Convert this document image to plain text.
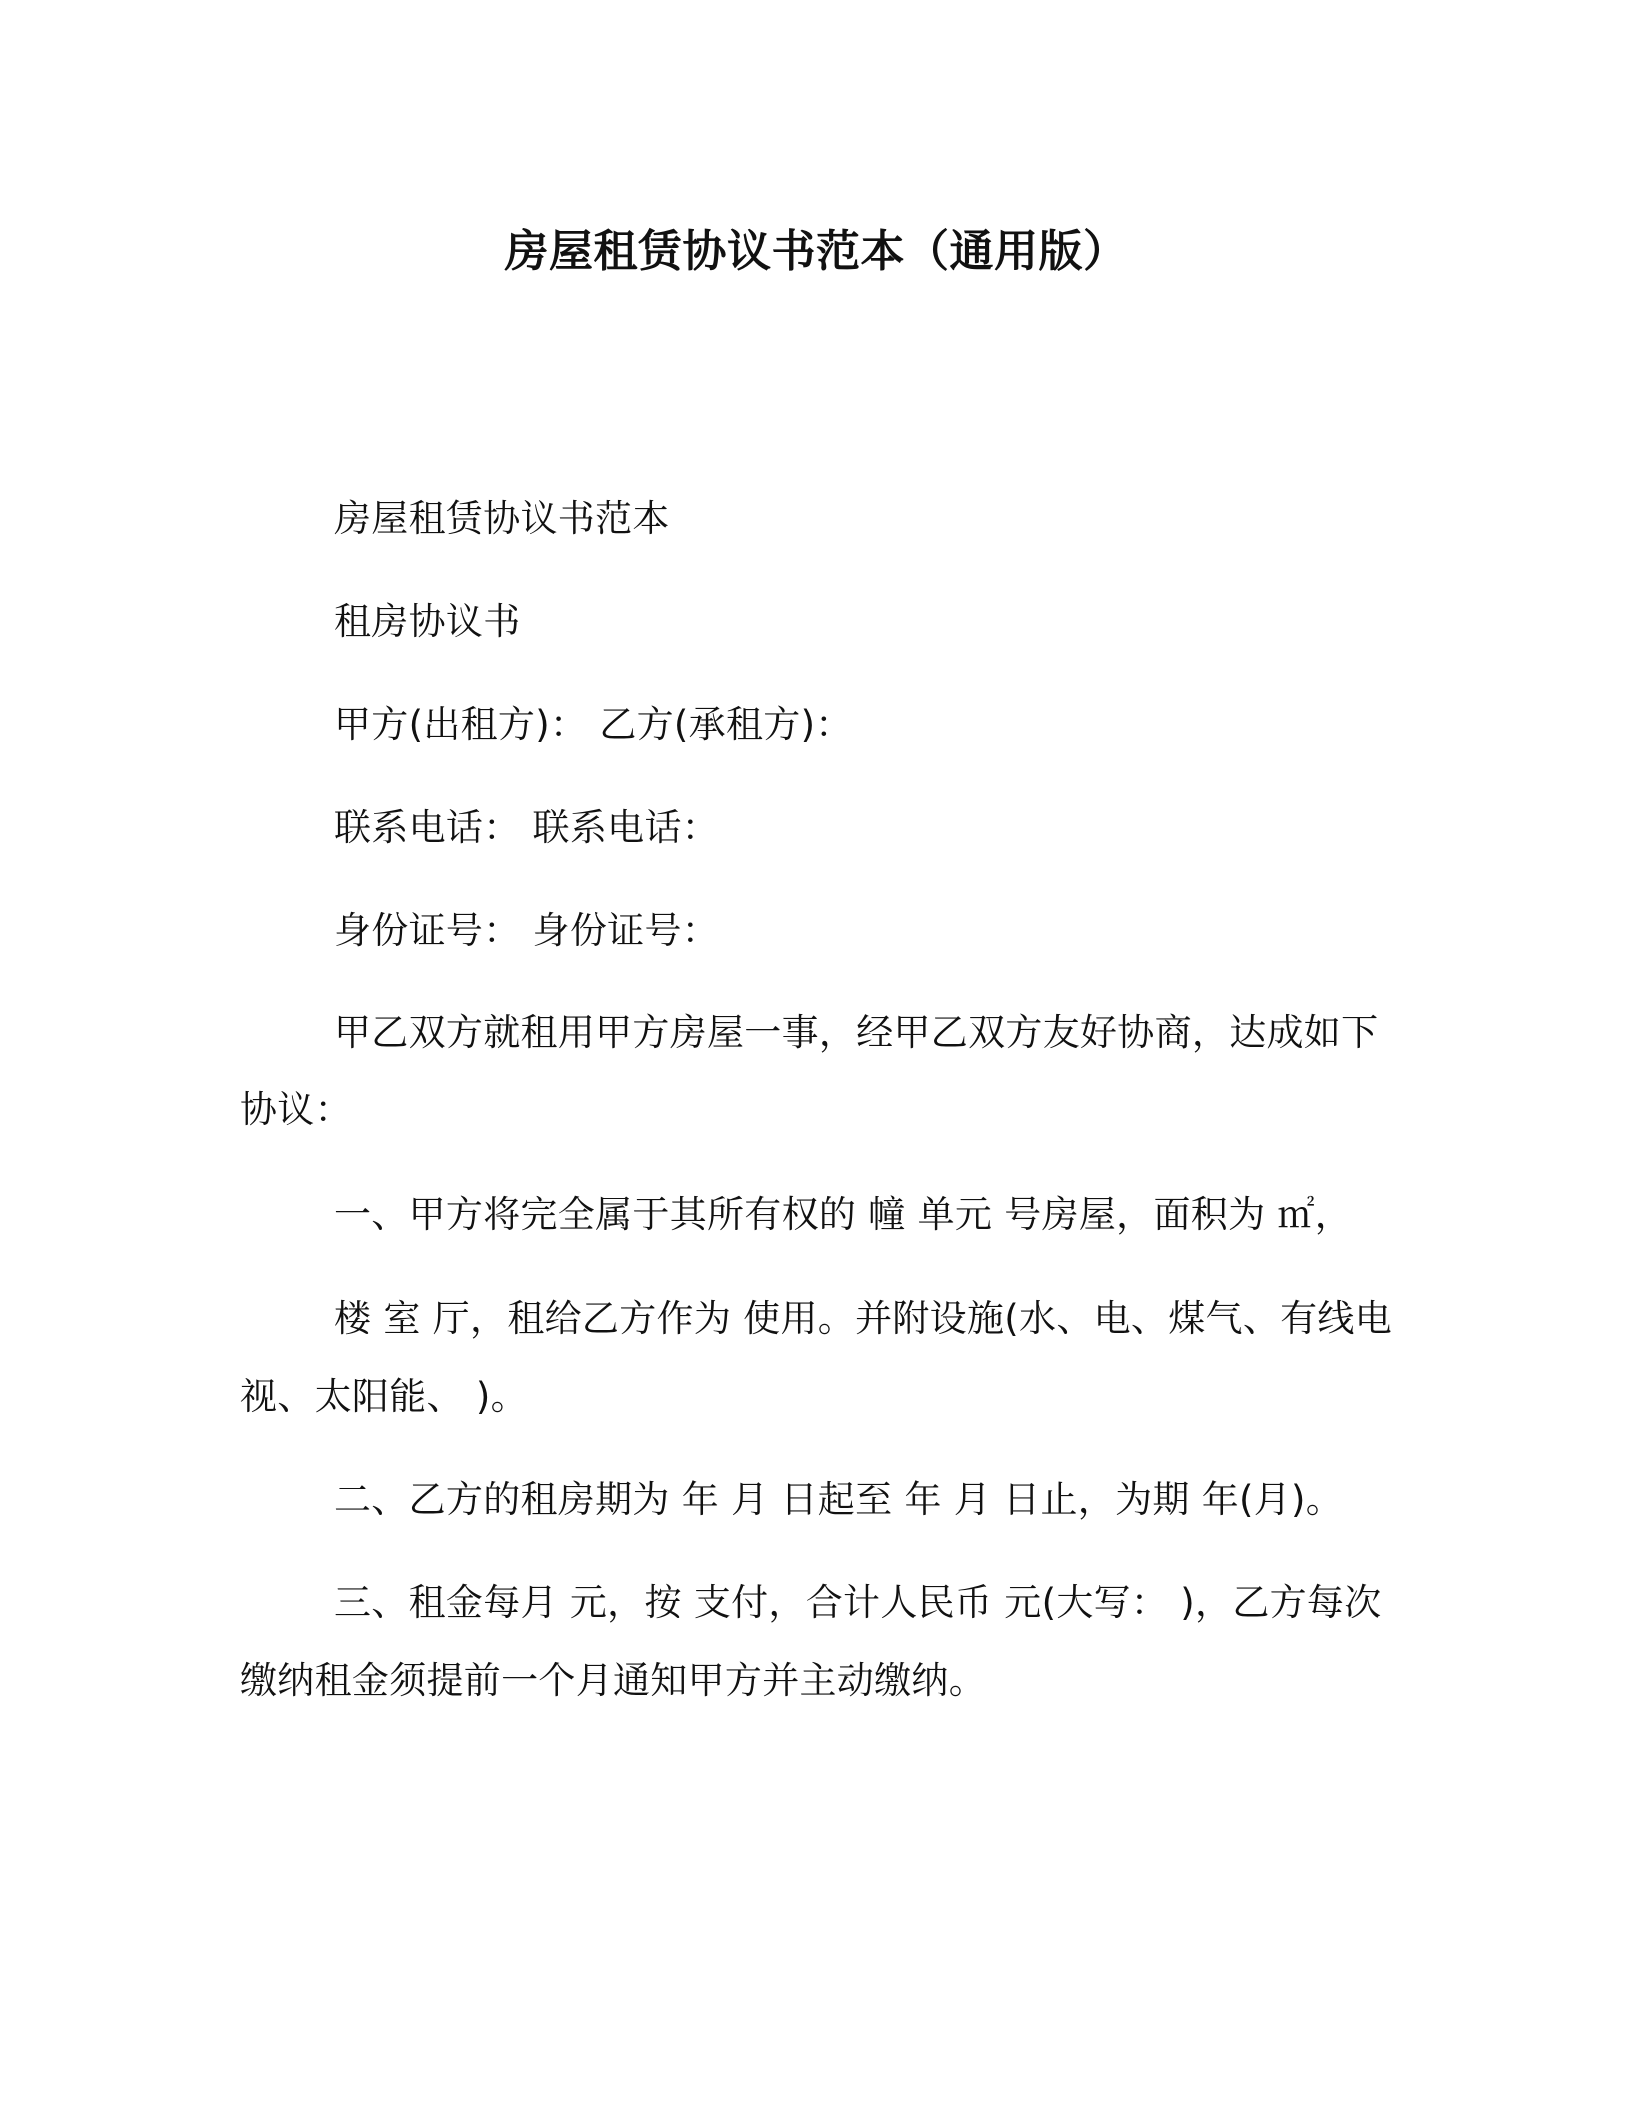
房屋租赁协议书范本（通用版）
房屋租赁协议书范本
租房协议书
甲方(出租方)： 乙方(承租方)：
联系电话： 联系电话：
身份证号： 身份证号：
甲乙双方就租用甲方房屋一事，经甲乙双方友好协商，达成如下
协议：
一、甲方将完全属于其所有权的 幢 单元 号房屋，面积为 ㎡，
楼 室 厅，租给乙方作为 使用。并附设施(水、电、煤气、有线电
视、太阳能、 )。
二、乙方的租房期为 年 月 日起至 年 月 日止，为期 年(月)。
三、租金每月 元，按 支付，合计人民币 元(大写： )，乙方每次
缴纳租金须提前一个月通知甲方并主动缴纳。
